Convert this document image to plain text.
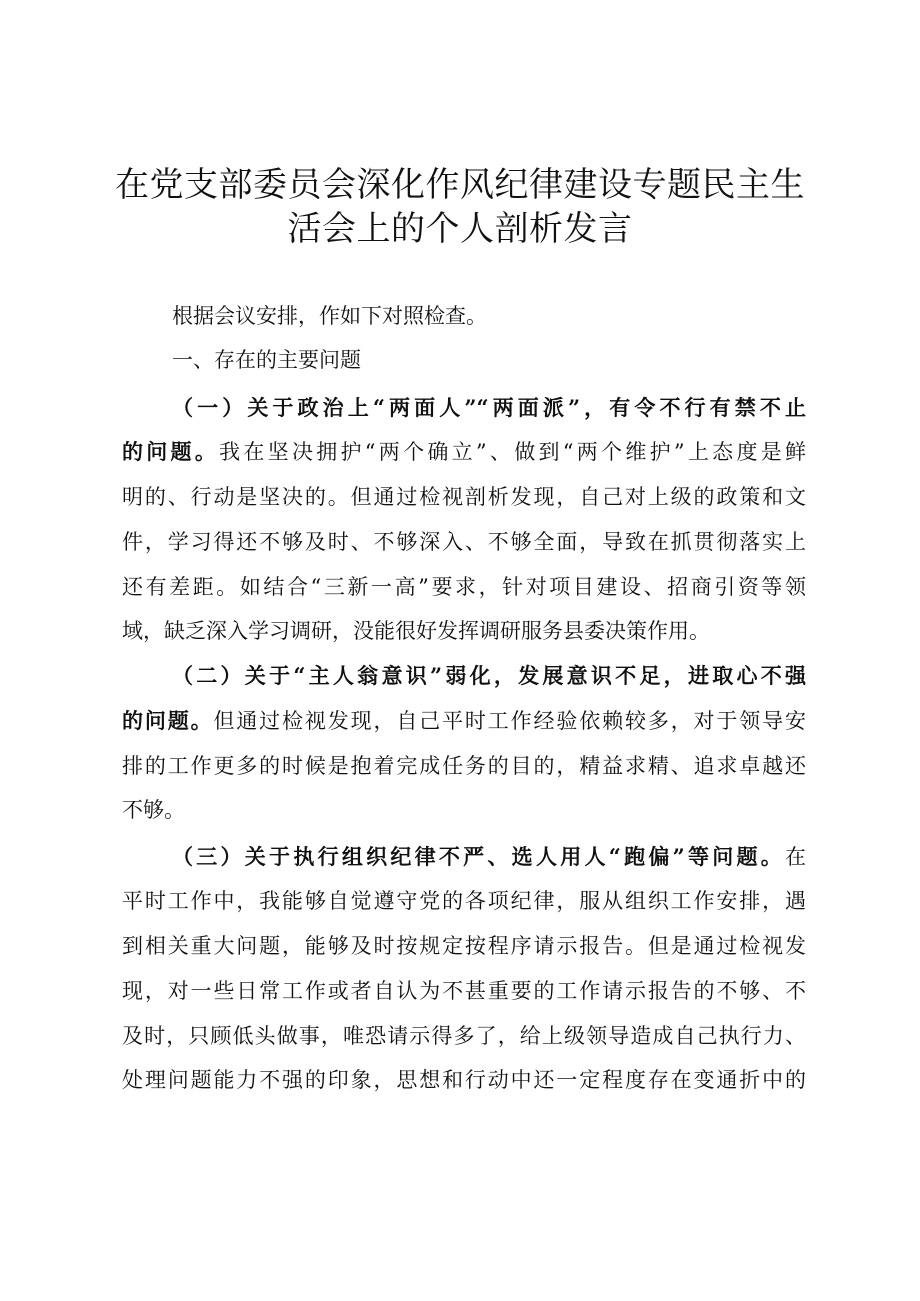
在党支部委员会深化作风纪律建设专题民主生
活会上的个人剖析发言
根据会议安排，作如下对照检查。
一、存在的主要问题
（一）关于政治上“两面人”“两面派”，有令不行有禁不止
的问题。我在坚决拥护“两个确立”、做到“两个维护”上态度是鲜
明的、行动是坚决的。但通过检视剖析发现，自己对上级的政策和文
件，学习得还不够及时、不够深入、不够全面，导致在抓贯彻落实上
还有差距。如结合“三新一高”要求，针对项目建设、招商引资等领
域，缺乏深入学习调研，没能很好发挥调研服务县委决策作用。
（二）关于“主人翁意识”弱化，发展意识不足，进取心不强
的问题。但通过检视发现，自己平时工作经验依赖较多，对于领导安
排的工作更多的时候是抱着完成任务的目的，精益求精、追求卓越还
不够。
（三）关于执行组织纪律不严、选人用人“跑偏”等问题。在
平时工作中，我能够自觉遵守党的各项纪律，服从组织工作安排，遇
到相关重大问题，能够及时按规定按程序请示报告。但是通过检视发
现，对一些日常工作或者自认为不甚重要的工作请示报告的不够、不
及时，只顾低头做事，唯恐请示得多了，给上级领导造成自己执行力、
处理问题能力不强的印象，思想和行动中还一定程度存在变通折中的
